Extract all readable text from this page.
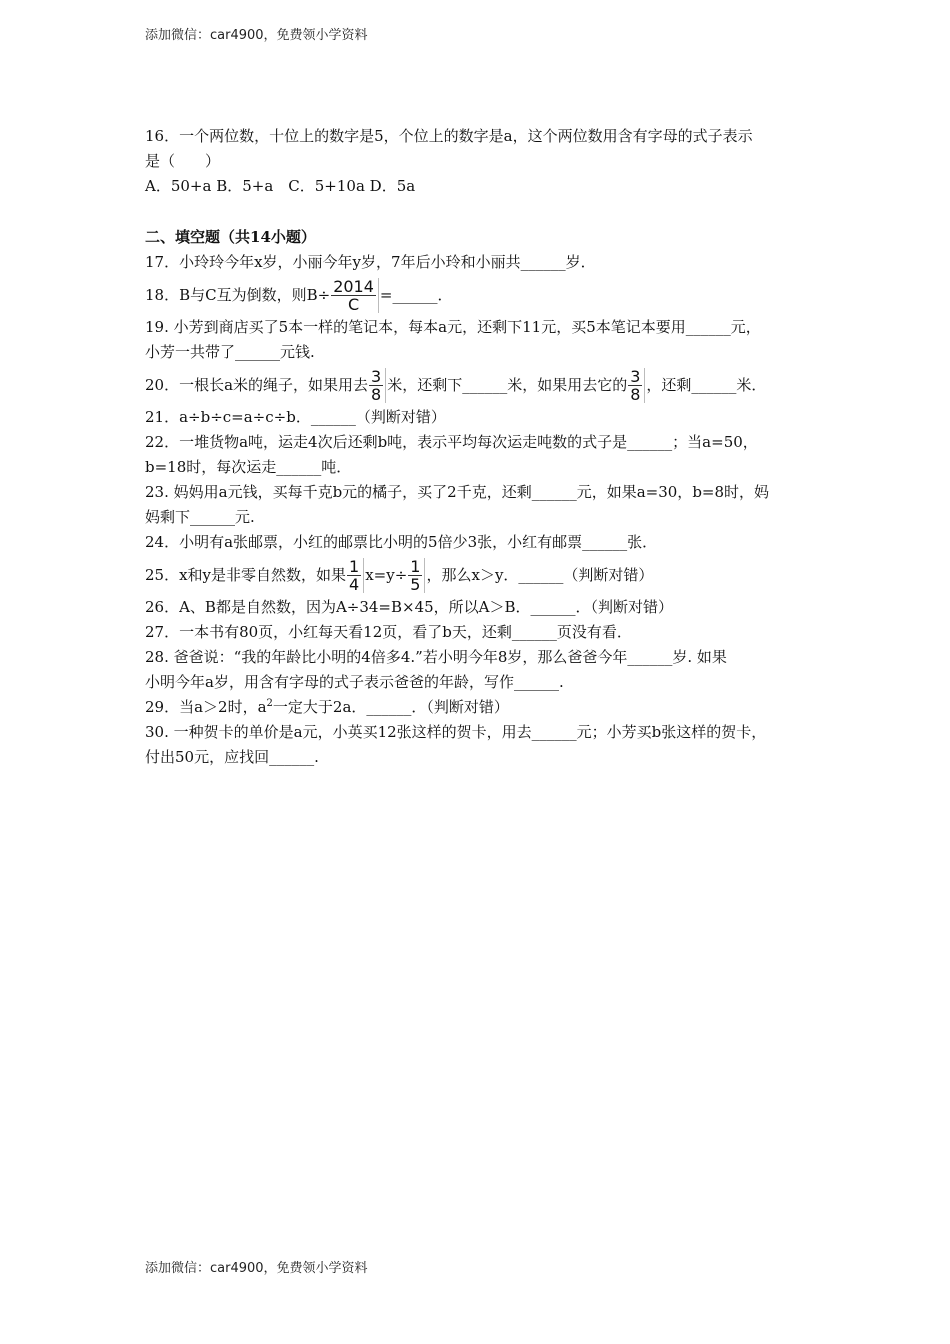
添加微信：car4900，免费领小学资料
16．一个两位数，十位上的数字是5，个位上的数字是a，这个两位数用含有字母的式子表示
是（　　）
A．50+a B．5+a　C．5+10a D．5a
二、填空题（共14小题）
17．小玲玲今年x岁，小丽今年y岁，7年后小玲和小丽共______岁．
18．B与C互为倒数，则$B\div \frac{2014}{C}$ =______．
19. 小芳到商店买了5本一样的笔记本，每本a元，还剩下11元，买5本笔记本要用______元，
小芳一共带了______元钱.
20．一根长a米的绳子，如果用去 $\frac{3}{8}$ 米，还剩下______米，如果用去它的 $\frac{3}{8}$ ，还剩______米．
21．a÷b÷c=a÷c÷b．______（判断对错）
22．一堆货物a吨，运走4次后还剩b吨，表示平均每次运走吨数的式子是______；当a=50，
b=18时，每次运走______吨．
23. 妈妈用a元钱，买每千克b元的橘子，买了2千克，还剩______元，如果a=30，b=8时，妈
妈剩下______元.
24．小明有a张邮票，小红的邮票比小明的5倍少3张，小红有邮票______张．
25．x和y是非零自然数，如果 $\frac{1}{4} x=y\div \frac{1}{5}$ ，那么x＞y．______（判断对错）
26．A、B都是自然数，因为A÷34=B×45，所以A＞B．______．（判断对错）
27．一本书有80页，小红每天看12页，看了b天，还剩______页没有看．
28. 爸爸说：“我的年龄比小明的4倍多4.”若小明今年8岁，那么爸爸今年______岁. 如果
小明今年a岁，用含有字母的式子表示爸爸的年龄，写作______.
29．当a＞2时，$a^2$一定大于2a．______．（判断对错）
30. 一种贺卡的单价是a元，小英买12张这样的贺卡，用去______元；小芳买b张这样的贺卡，
付出50元，应找回______.
添加微信：car4900，免费领小学资料
